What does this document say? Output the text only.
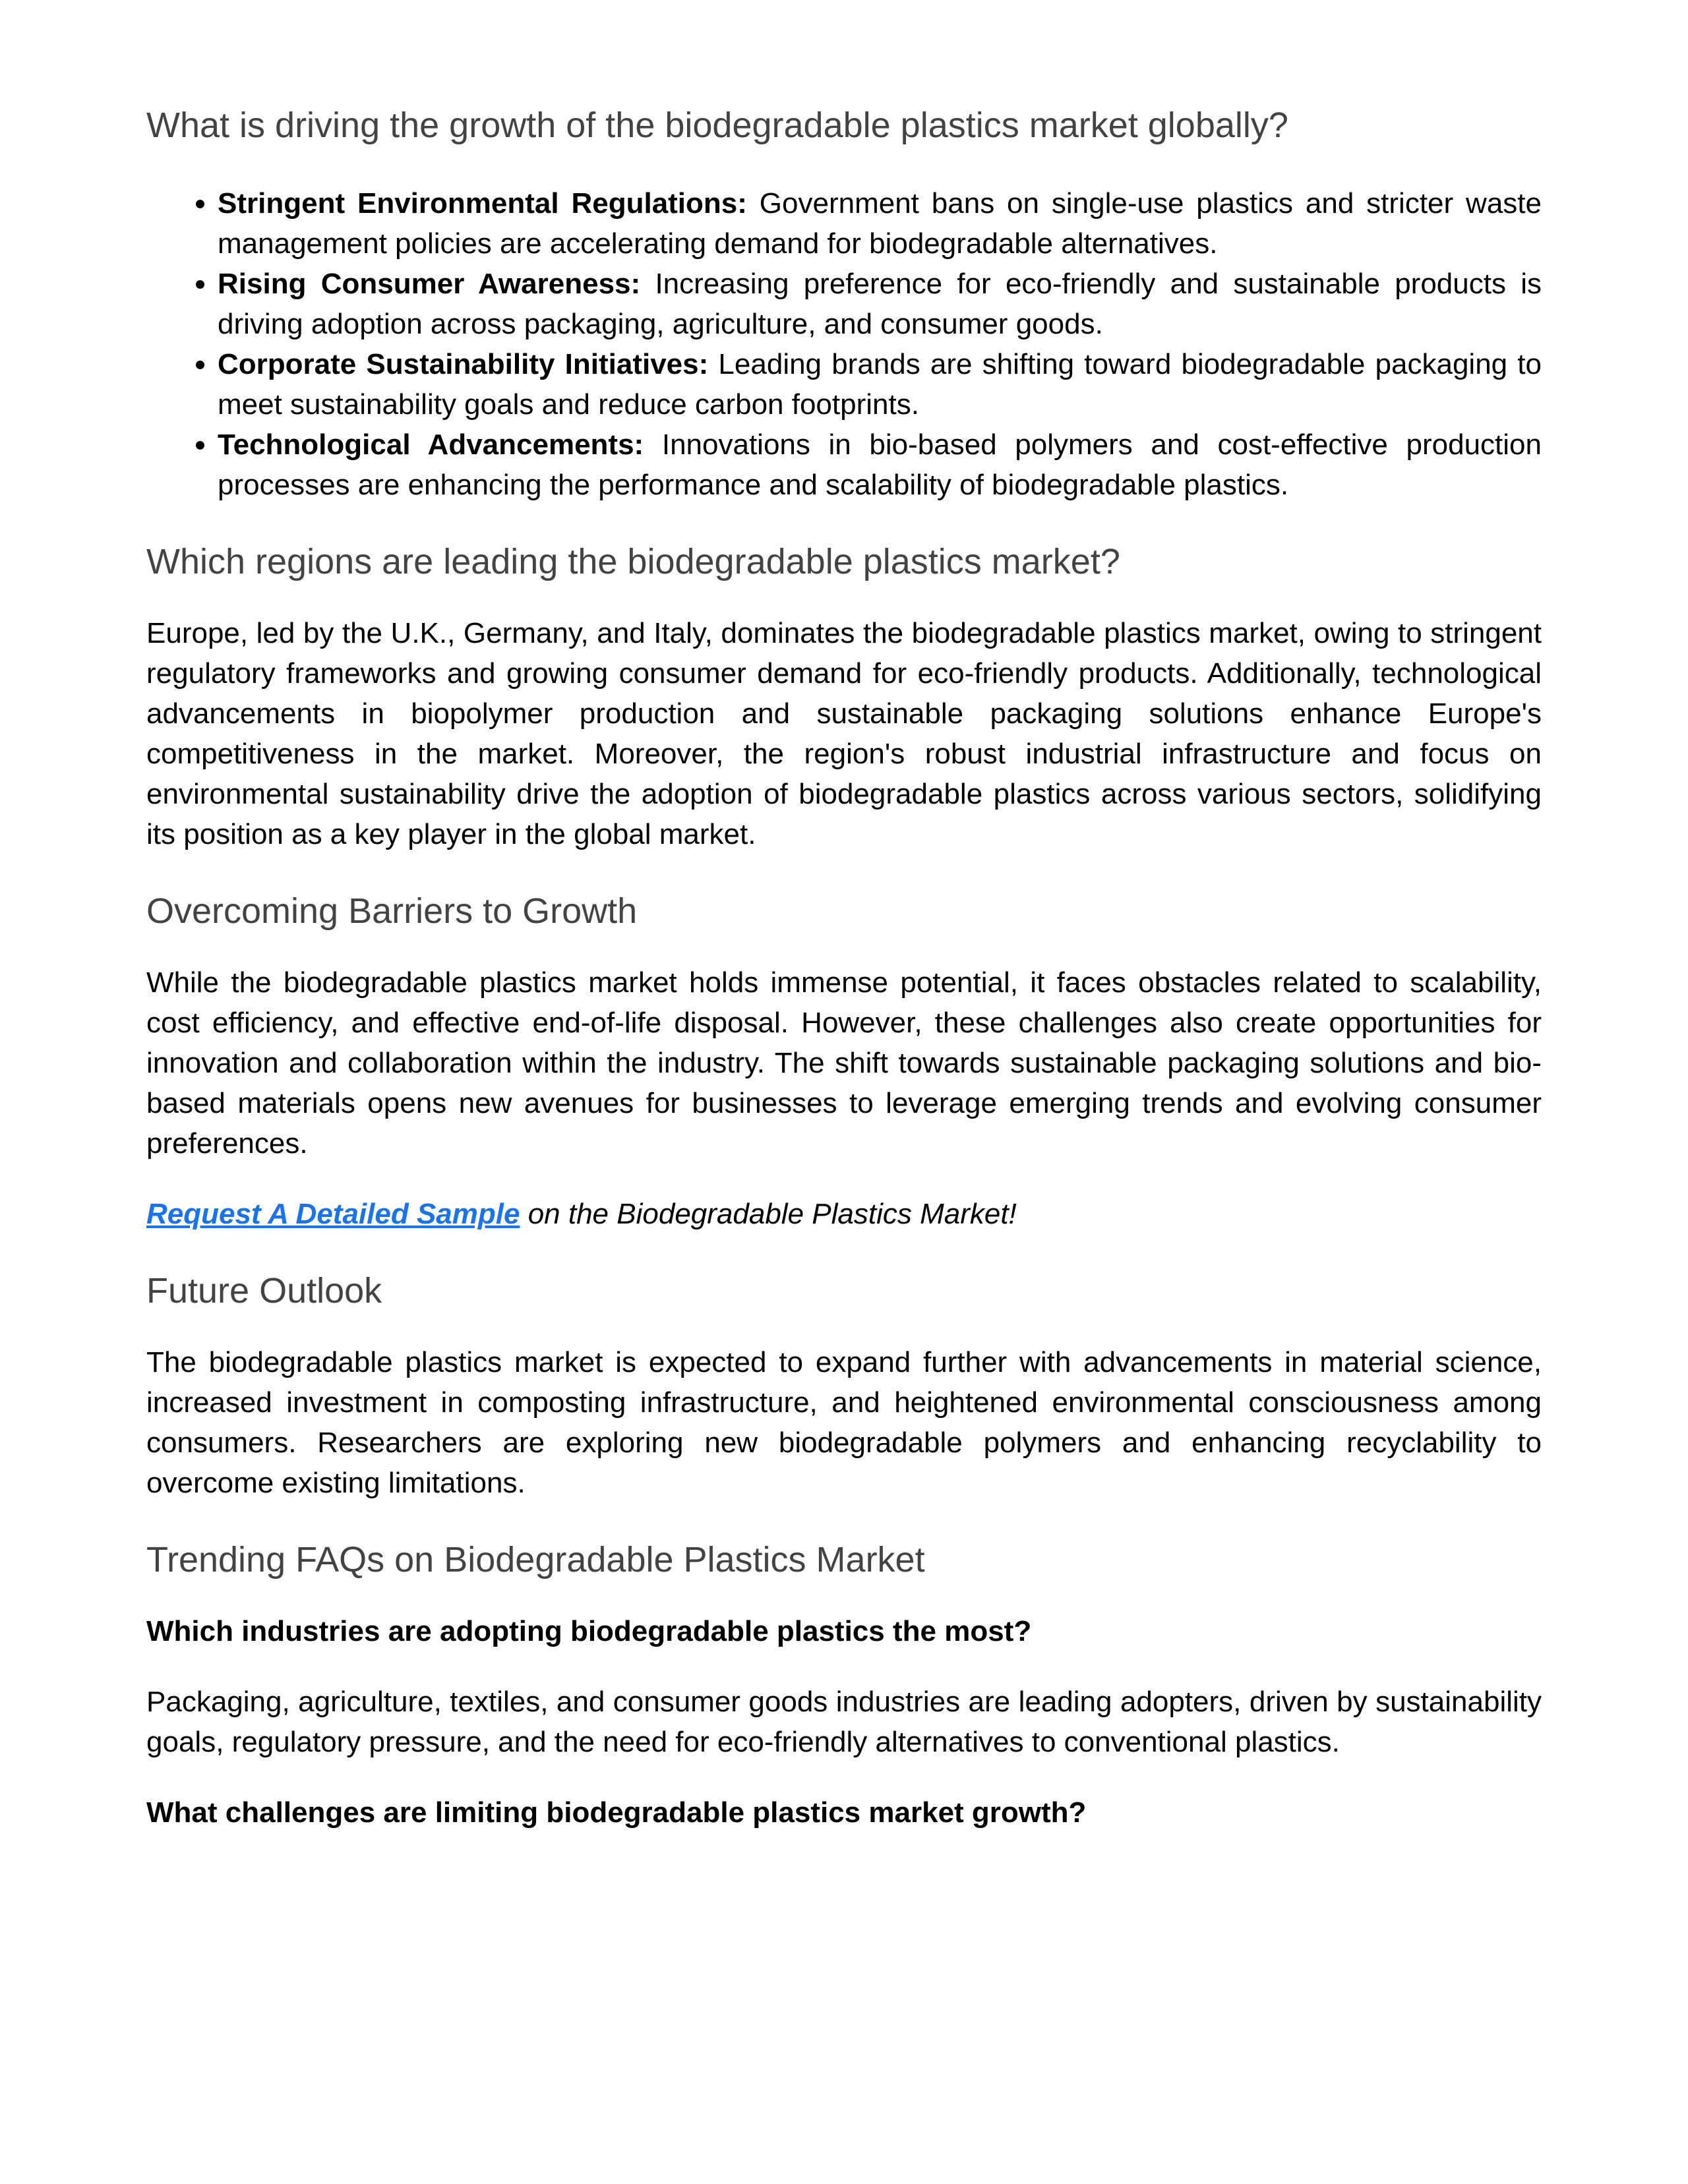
What is driving the growth of the biodegradable plastics market globally?
• Stringent Environmental Regulations: Government bans on single-use plastics and stricter waste management policies are accelerating demand for biodegradable alternatives.
• Rising Consumer Awareness: Increasing preference for eco-friendly and sustainable products is driving adoption across packaging, agriculture, and consumer goods.
• Corporate Sustainability Initiatives: Leading brands are shifting toward biodegradable packaging to meet sustainability goals and reduce carbon footprints.
• Technological Advancements: Innovations in bio-based polymers and cost-effective production processes are enhancing the performance and scalability of biodegradable plastics.
Which regions are leading the biodegradable plastics market?

Europe, led by the U.K., Germany, and Italy, dominates the biodegradable plastics market, owing to stringent regulatory frameworks and growing consumer demand for eco-friendly products. Additionally, technological advancements in biopolymer production and sustainable packaging solutions enhance Europe's competitiveness in the market. Moreover, the region's robust industrial infrastructure and focus on environmental sustainability drive the adoption of biodegradable plastics across various sectors, solidifying its position as a key player in the global market.

Overcoming Barriers to Growth

While the biodegradable plastics market holds immense potential, it faces obstacles related to scalability, cost efficiency, and effective end-of-life disposal. However, these challenges also create opportunities for innovation and collaboration within the industry. The shift towards sustainable packaging solutions and bio-based materials opens new avenues for businesses to leverage emerging trends and evolving consumer preferences.

Request A Detailed Sample on the Biodegradable Plastics Market!

Future Outlook

The biodegradable plastics market is expected to expand further with advancements in material science, increased investment in composting infrastructure, and heightened environmental consciousness among consumers. Researchers are exploring new biodegradable polymers and enhancing recyclability to overcome existing limitations.

Trending FAQs on Biodegradable Plastics Market

Which industries are adopting biodegradable plastics the most?

Packaging, agriculture, textiles, and consumer goods industries are leading adopters, driven by sustainability goals, regulatory pressure, and the need for eco-friendly alternatives to conventional plastics.

What challenges are limiting biodegradable plastics market growth?
